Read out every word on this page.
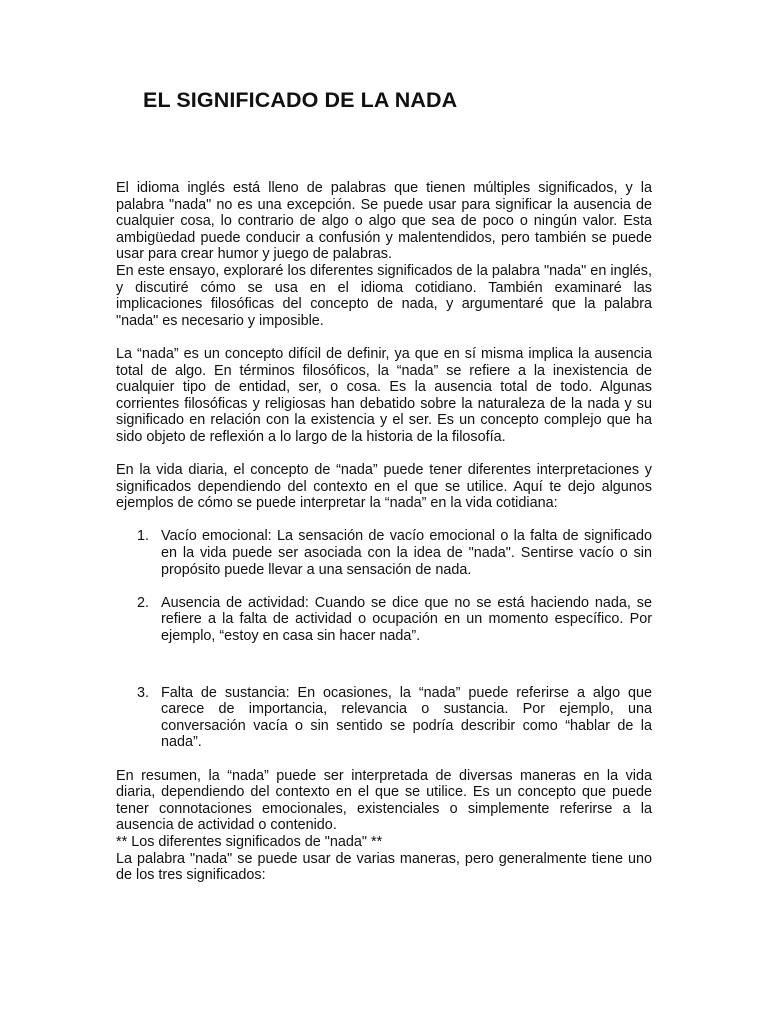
EL SIGNIFICADO DE LA NADA

El idioma inglés está lleno de palabras que tienen múltiples significados, y la palabra "nada" no es una excepción. Se puede usar para significar la ausencia de cualquier cosa, lo contrario de algo o algo que sea de poco o ningún valor. Esta ambigüedad puede conducir a confusión y malentendidos, pero también se puede usar para crear humor y juego de palabras.

En este ensayo, exploraré los diferentes significados de la palabra "nada" en inglés, y discutiré cómo se usa en el idioma cotidiano. También examinaré las implicaciones filosóficas del concepto de nada, y argumentaré que la palabra "nada" es necesario y imposible.

La “nada” es un concepto difícil de definir, ya que en sí misma implica la ausencia total de algo. En términos filosóficos, la “nada” se refiere a la inexistencia de cualquier tipo de entidad, ser, o cosa. Es la ausencia total de todo. Algunas corrientes filosóficas y religiosas han debatido sobre la naturaleza de la nada y su significado en relación con la existencia y el ser. Es un concepto complejo que ha sido objeto de reflexión a lo largo de la historia de la filosofía.

En la vida diaria, el concepto de “nada” puede tener diferentes interpretaciones y significados dependiendo del contexto en el que se utilice. Aquí te dejo algunos ejemplos de cómo se puede interpretar la “nada” en la vida cotidiana:

1. Vacío emocional: La sensación de vacío emocional o la falta de significado en la vida puede ser asociada con la idea de "nada". Sentirse vacío o sin propósito puede llevar a una sensación de nada.

2. Ausencia de actividad: Cuando se dice que no se está haciendo nada, se refiere a la falta de actividad o ocupación en un momento específico. Por ejemplo, “estoy en casa sin hacer nada”.

3. Falta de sustancia: En ocasiones, la “nada” puede referirse a algo que carece de importancia, relevancia o sustancia. Por ejemplo, una conversación vacía o sin sentido se podría describir como “hablar de la nada”.

En resumen, la “nada” puede ser interpretada de diversas maneras en la vida diaria, dependiendo del contexto en el que se utilice. Es un concepto que puede tener connotaciones emocionales, existenciales o simplemente referirse a la ausencia de actividad o contenido.

** Los diferentes significados de "nada" **

La palabra "nada" se puede usar de varias maneras, pero generalmente tiene uno de los tres significados:
